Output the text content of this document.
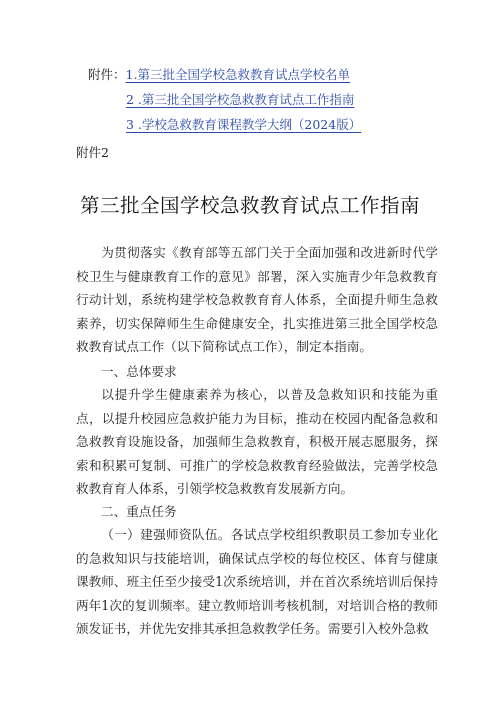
附件：1.第三批全国学校急救教育试点学校名单
2 .第三批全国学校急救教育试点工作指南
3 .学校急救教育课程教学大纲（2024版）
附件2
第三批全国学校急救教育试点工作指南
为贯彻落实《教育部等五部门关于全面加强和改进新时代学校卫生与健康教育工作的意见》部署，深入实施青少年急救教育行动计划，系统构建学校急救教育育人体系，全面提升师生急救素养，切实保障师生生命健康安全，扎实推进第三批全国学校急救教育试点工作（以下简称试点工作），制定本指南。
一、总体要求
以提升学生健康素养为核心，以普及急救知识和技能为重点，以提升校园应急救护能力为目标，推动在校园内配备急救和急救教育设施设备，加强师生急救教育，积极开展志愿服务，探索和积累可复制、可推广的学校急救教育经验做法，完善学校急救教育育人体系，引领学校急救教育发展新方向。
二、重点任务
（一）建强师资队伍。各试点学校组织教职员工参加专业化的急救知识与技能培训，确保试点学校的每位校区、体育与健康课教师、班主任至少接受1次系统培训，并在首次系统培训后保持两年1次的复训频率。建立教师培训考核机制，对培训合格的教师颁发证书，并优先安排其承担急救教学任务。需要引入校外急救
